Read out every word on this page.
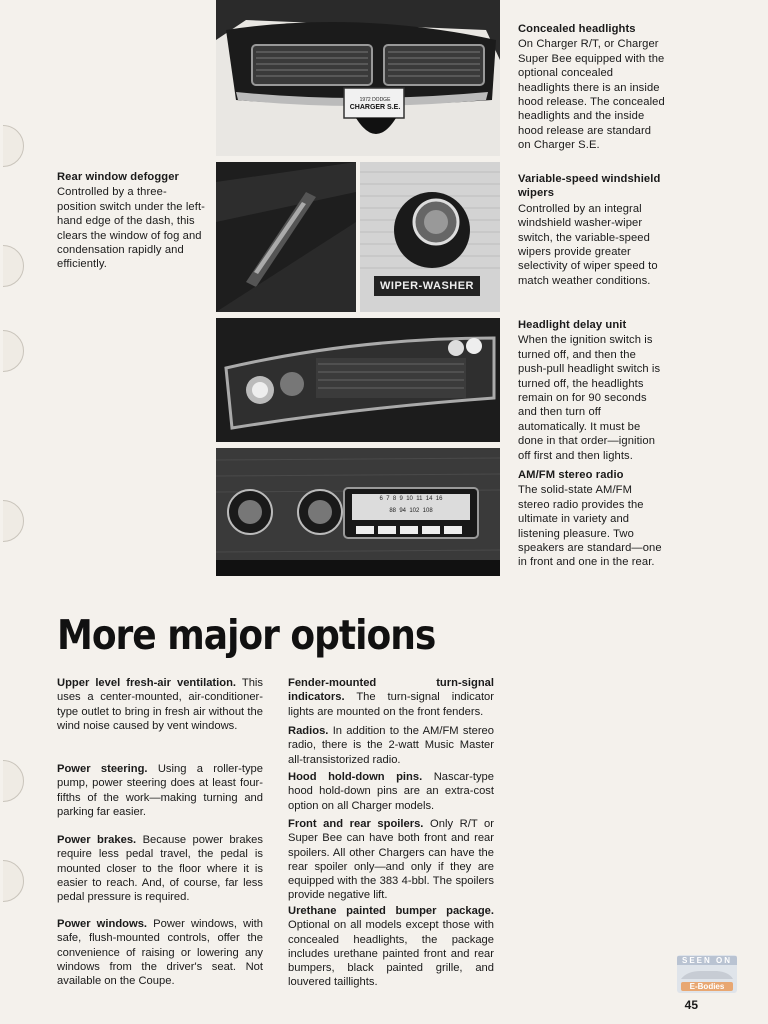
1972 DODGE
CHARGER S.E.
WIPER-WASHER
6  7  8  9  10  11  14  16
88  94  102  108
Rear window defogger
Controlled by a three-position switch under the left-hand edge of the dash, this clears the window of fog and condensation rapidly and efficiently.
Concealed headlights
On Charger R/T, or Charger Super Bee equipped with the optional concealed headlights there is an inside hood release. The concealed headlights and the inside hood release are standard on Charger S.E.
Variable-speed windshield wipers
Controlled by an integral windshield washer-wiper switch, the variable-speed wipers provide greater selectivity of wiper speed to match weather conditions.
Headlight delay unit
When the ignition switch is turned off, and then the push-pull headlight switch is turned off, the headlights remain on for 90 seconds and then turn off automatically. It must be done in that order—ignition off first and then lights.
AM/FM stereo radio
The solid-state AM/FM stereo radio provides the ultimate in variety and listening pleasure. Two speakers are standard—one in front and one in the rear.
More major options
Upper level fresh-air ventilation. This uses a center-mounted, air-conditioner-type outlet to bring in fresh air without the wind noise caused by vent windows.
Power steering. Using a roller-type pump, power steering does at least four-fifths of the work—making turning and parking far easier.
Power brakes. Because power brakes require less pedal travel, the pedal is mounted closer to the floor where it is easier to reach. And, of course, far less pedal pressure is required.
Power windows. Power windows, with safe, flush-mounted controls, offer the convenience of raising or lowering any windows from the driver's seat. Not available on the Coupe.
Fender-mounted turn-signal indicators. The turn-signal indicator lights are mounted on the front fenders.
Radios. In addition to the AM/FM stereo radio, there is the 2-watt Music Master all-transistorized radio.
Hood hold-down pins. Nascar-type hood hold-down pins are an extra-cost option on all Charger models.
Front and rear spoilers. Only R/T or Super Bee can have both front and rear spoilers. All other Chargers can have the rear spoiler only—and only if they are equipped with the 383 4-bbl. The spoilers provide negative lift.
Urethane painted bumper package. Optional on all models except those with concealed headlights, the package includes urethane painted front and rear bumpers, black painted grille, and louvered taillights.
SEEN ON
E-Bodies
45
